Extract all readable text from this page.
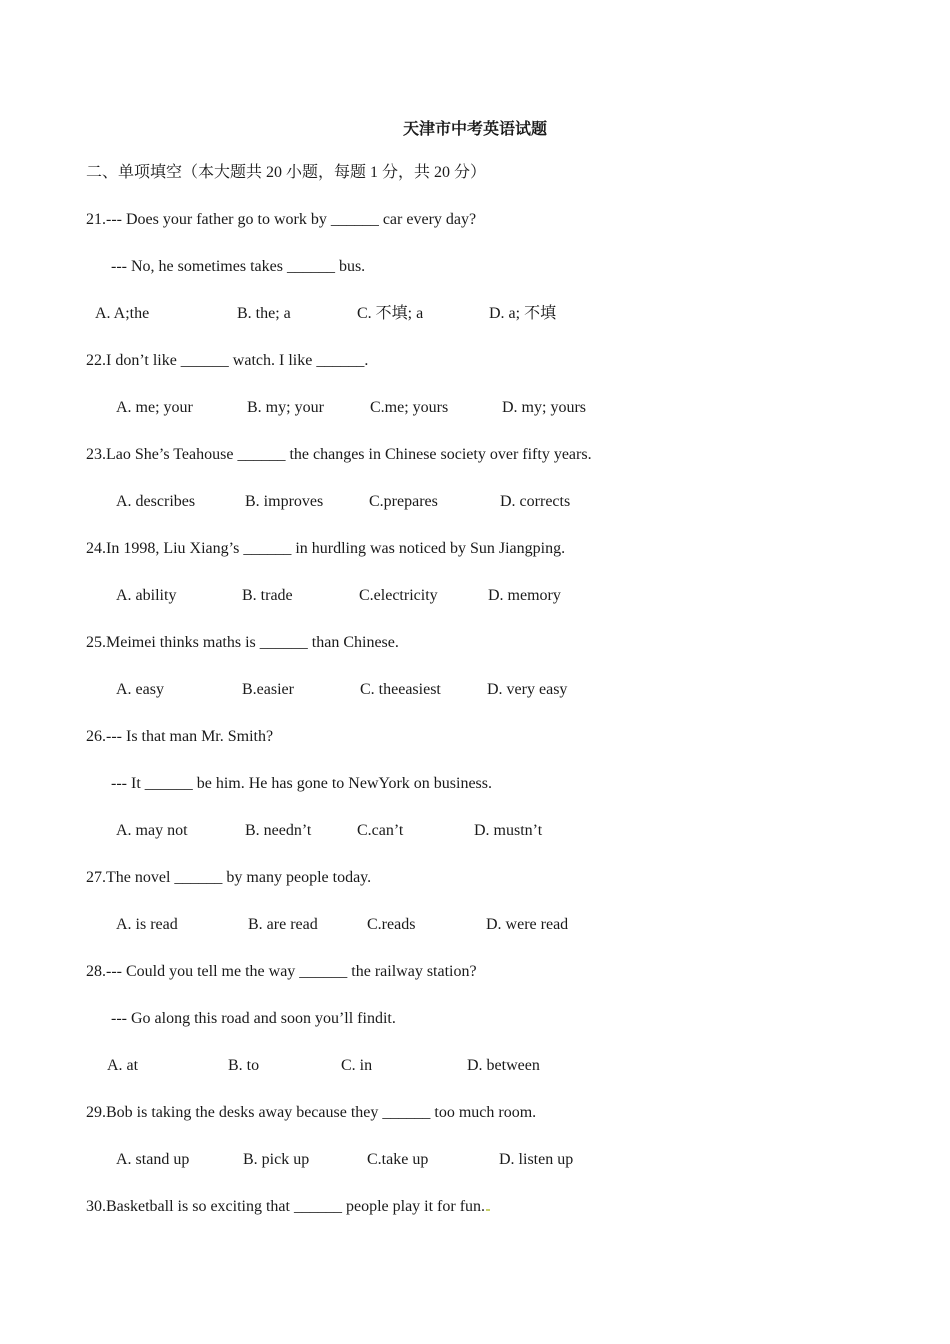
天津市中考英语试题
二、单项填空（本大题共 20 小题，每题 1 分，共 20 分）
21.--- Does your father go to work by ______ car every day?
--- No, he sometimes takes ______ bus.
A. A;the	B. the; a	C. 不填; a	D. a; 不填
22.I don’t like ______ watch. I like ______.
A. me; your	B. my; your	C.me; yours	D. my; yours
23.Lao She’s Teahouse ______ the changes in Chinese society over fifty years.
A. describes	B. improves	C.prepares	D. corrects
24.In 1998, Liu Xiang’s ______ in hurdling was noticed by Sun Jiangping.
A. ability	B. trade	C.electricity	D. memory
25.Meimei thinks maths is ______ than Chinese.
A. easy	B.easier	C. theeasiest	D. very easy
26.--- Is that man Mr. Smith?
--- It ______ be him. He has gone to NewYork on business.
A. may not	B. needn’t	C.can’t	D. mustn’t
27.The novel ______ by many people today.
A. is read	B. are read	C.reads	D. were read
28.--- Could you tell me the way ______ the railway station?
--- Go along this road and soon you’ll findit.
A. at	B. to	C. in	D. between
29.Bob is taking the desks away because they ______ too much room.
A. stand up	B. pick up	C.take up	D. listen up
30.Basketball is so exciting that ______ people play it for fun.
